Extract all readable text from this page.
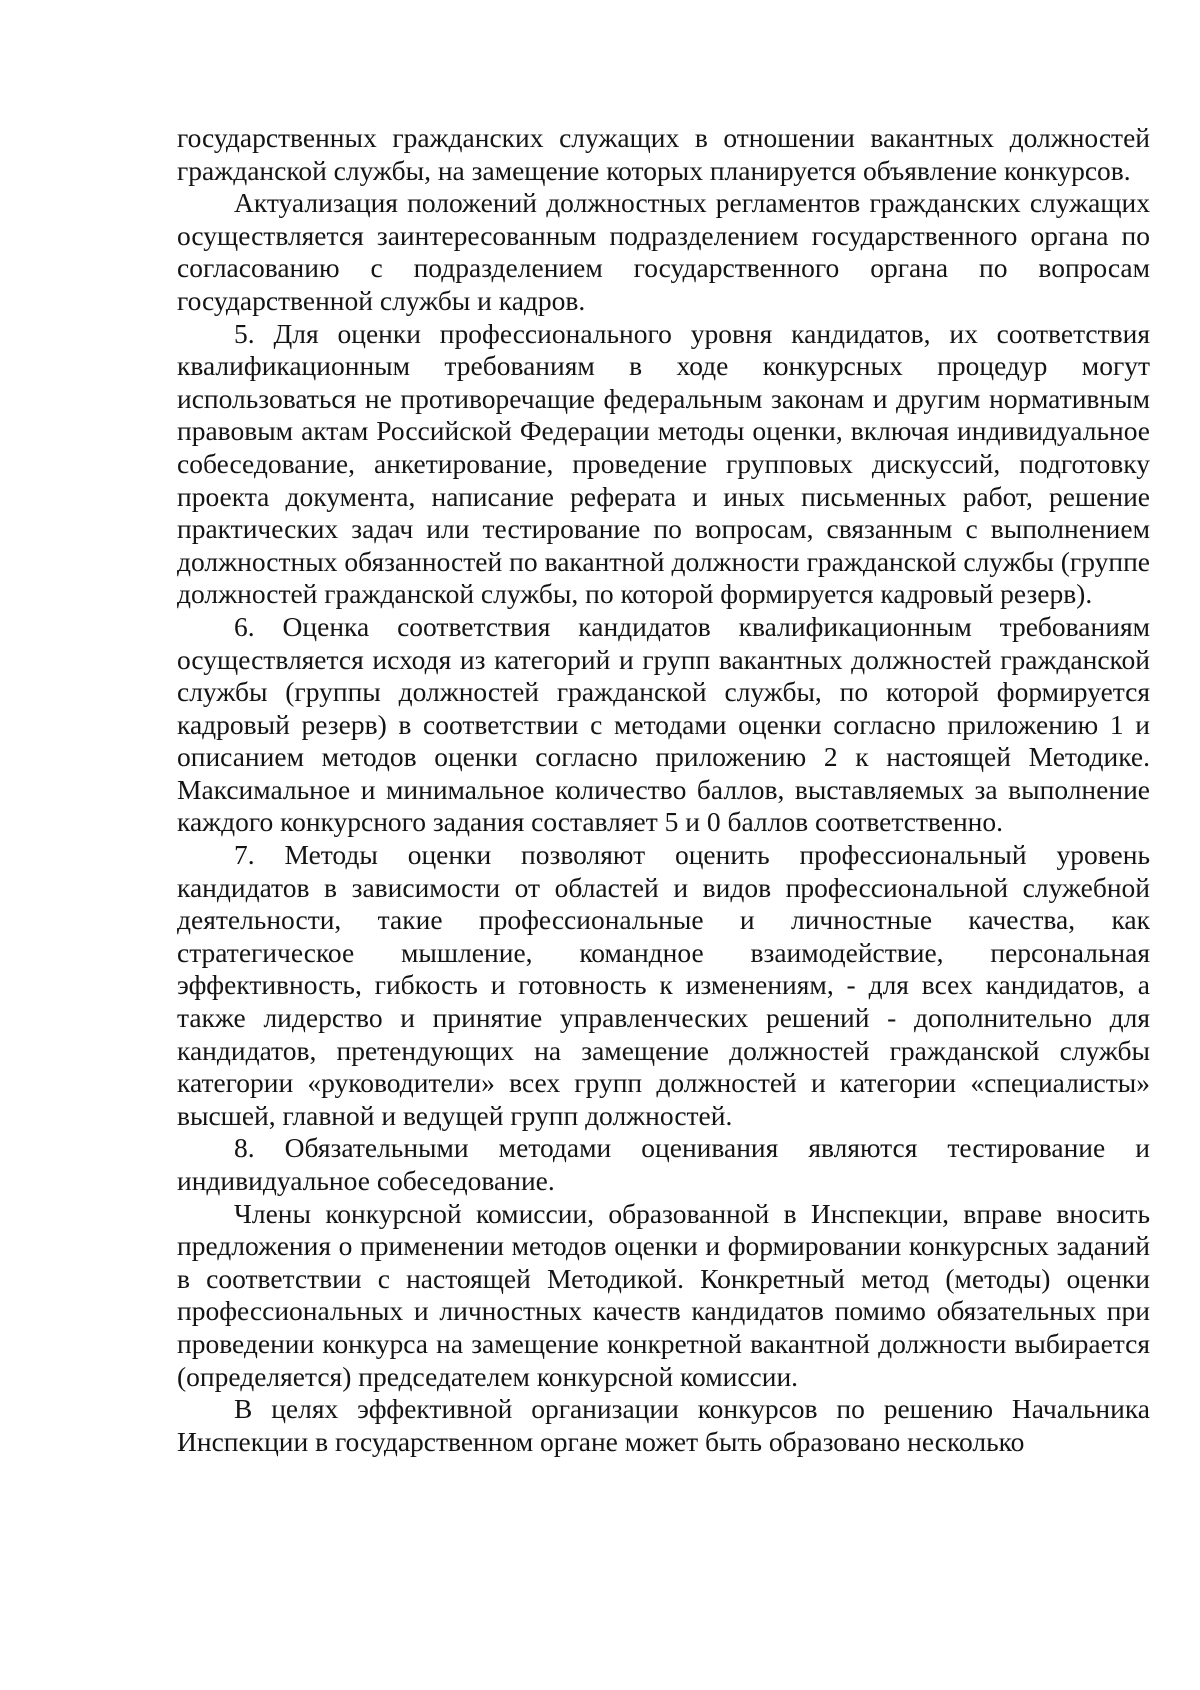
государственных гражданских служащих в отношении вакантных должностей гражданской службы, на замещение которых планируется объявление конкурсов.

Актуализация положений должностных регламентов гражданских служащих осуществляется заинтересованным подразделением государственного органа по согласованию с подразделением государственного органа по вопросам государственной службы и кадров.

5. Для оценки профессионального уровня кандидатов, их соответствия квалификационным требованиям в ходе конкурсных процедур могут использоваться не противоречащие федеральным законам и другим нормативным правовым актам Российской Федерации методы оценки, включая индивидуальное собеседование, анкетирование, проведение групповых дискуссий, подготовку проекта документа, написание реферата и иных письменных работ, решение практических задач или тестирование по вопросам, связанным с выполнением должностных обязанностей по вакантной должности гражданской службы (группе должностей гражданской службы, по которой формируется кадровый резерв).

6. Оценка соответствия кандидатов квалификационным требованиям осуществляется исходя из категорий и групп вакантных должностей гражданской службы (группы должностей гражданской службы, по которой формируется кадровый резерв) в соответствии с методами оценки согласно приложению 1 и описанием методов оценки согласно приложению 2 к настоящей Методике. Максимальное и минимальное количество баллов, выставляемых за выполнение каждого конкурсного задания составляет 5 и 0 баллов соответственно.

7. Методы оценки позволяют оценить профессиональный уровень кандидатов в зависимости от областей и видов профессиональной служебной деятельности, такие профессиональные и личностные качества, как стратегическое мышление, командное взаимодействие, персональная эффективность, гибкость и готовность к изменениям, - для всех кандидатов, а также лидерство и принятие управленческих решений - дополнительно для кандидатов, претендующих на замещение должностей гражданской службы категории «руководители» всех групп должностей и категории «специалисты» высшей, главной и ведущей групп должностей.

8. Обязательными методами оценивания являются тестирование и индивидуальное собеседование.

Члены конкурсной комиссии, образованной в Инспекции, вправе вносить предложения о применении методов оценки и формировании конкурсных заданий в соответствии с настоящей Методикой. Конкретный метод (методы) оценки профессиональных и личностных качеств кандидатов помимо обязательных при проведении конкурса на замещение конкретной вакантной должности выбирается (определяется) председателем конкурсной комиссии.

В целях эффективной организации конкурсов по решению Начальника Инспекции в государственном органе может быть образовано несколько
